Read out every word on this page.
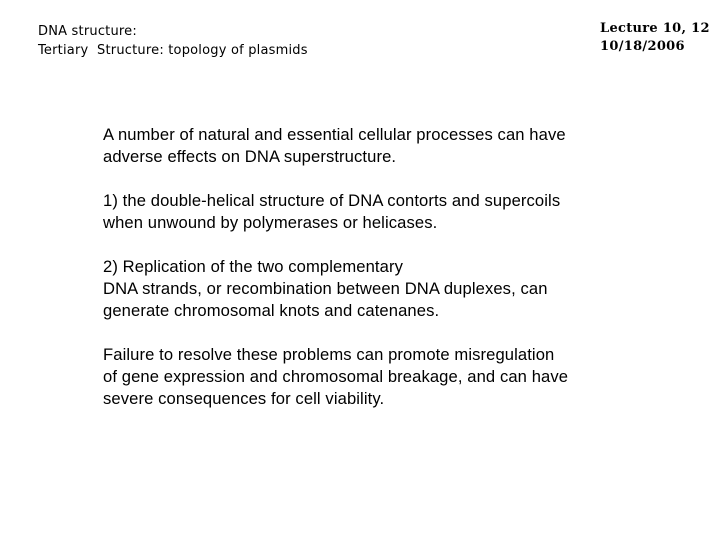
DNA structure:
Tertiary  Structure: topology of plasmids
Lecture 10, 12
10/18/2006

A number of natural and essential cellular processes can have
adverse effects on DNA superstructure.

1) the double-helical structure of DNA contorts and supercoils
when unwound by polymerases or helicases.

2) Replication of the two complementary
DNA strands, or recombination between DNA duplexes, can
generate chromosomal knots and catenanes.

Failure to resolve these problems can promote misregulation
of gene expression and chromosomal breakage, and can have
severe consequences for cell viability.
